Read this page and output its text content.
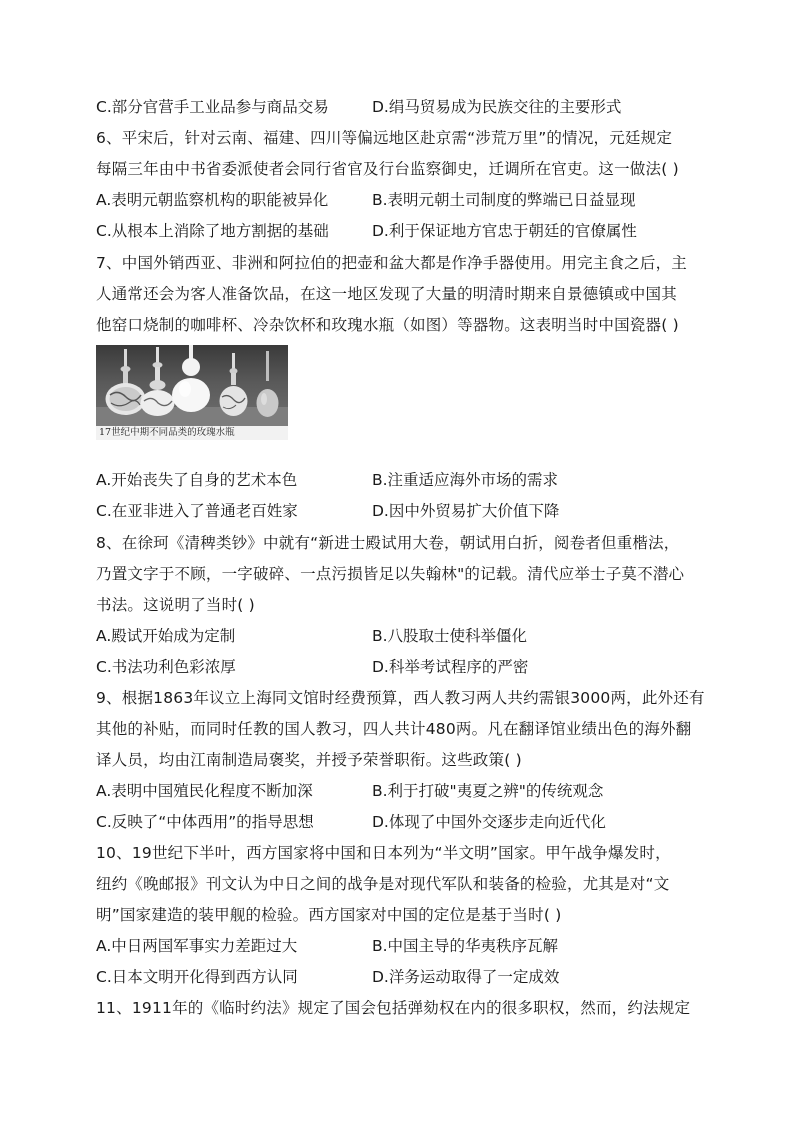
C.部分官营手工业品参与商品交易	D.绢马贸易成为民族交往的主要形式
6、平宋后，针对云南、福建、四川等偏远地区赴京需“涉荒万里”的情况，元廷规定
每隔三年由中书省委派使者会同行省官及行台监察御史，迁调所在官吏。这一做法( )
A.表明元朝监察机构的职能被异化	B.表明元朝土司制度的弊端已日益显现
C.从根本上消除了地方割据的基础	D.利于保证地方官忠于朝廷的官僚属性
7、中国外销西亚、非洲和阿拉伯的把壶和盆大都是作净手器使用。用完主食之后，主
人通常还会为客人准备饮品，在这一地区发现了大量的明清时期来自景德镇或中国其
他窑口烧制的咖啡杯、冷杂饮杯和玫瑰水瓶（如图）等器物。这表明当时中国瓷器( )
17世纪中期不同品类的玫瑰水瓶
A.开始丧失了自身的艺术本色	B.注重适应海外市场的需求
C.在亚非进入了普通老百姓家	D.因中外贸易扩大价值下降
8、在徐珂《清稗类钞》中就有“新进士殿试用大卷，朝试用白折，阅卷者但重楷法，
乃置文字于不顾，一字破碎、一点污损皆足以失翰林"的记载。清代应举士子莫不潜心
书法。这说明了当时( )
A.殿试开始成为定制	B.八股取士使科举僵化
C.书法功利色彩浓厚	D.科举考试程序的严密
9、根据1863年议立上海同文馆时经费预算，西人教习两人共约需银3000两，此外还有
其他的补贴，而同时任教的国人教习，四人共计480两。凡在翻译馆业绩出色的海外翻
译人员，均由江南制造局褒奖，并授予荣誉职衔。这些政策( )
A.表明中国殖民化程度不断加深	B.利于打破"夷夏之辨"的传统观念
C.反映了“中体西用”的指导思想	D.体现了中国外交逐步走向近代化
10、19世纪下半叶，西方国家将中国和日本列为“半文明”国家。甲午战争爆发时，
纽约《晚邮报》刊文认为中日之间的战争是对现代军队和装备的检验，尤其是对“文
明”国家建造的装甲舰的检验。西方国家对中国的定位是基于当时( )
A.中日两国军事实力差距过大	B.中国主导的华夷秩序瓦解
C.日本文明开化得到西方认同	D.洋务运动取得了一定成效
11、1911年的《临时约法》规定了国会包括弹劾权在内的很多职权，然而，约法规定
